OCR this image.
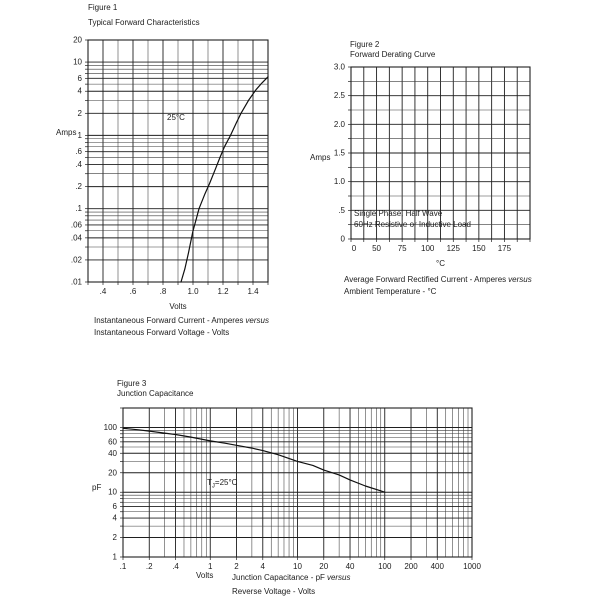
.4	.6	.8	1.0 1.2 1.4
20
10
6
4
2
1
.6
.4
.2
.1
.06
.04
.02
.01
0 50 75 100 125 150 175
3.0
2.5
2.0
1.5
1.0
.5
0
.1 .2 .4	1	2	4	10 20 40	100 200 400 1000
100
60
40
20
10
6
4
2
1
Figure 1
Typical Forward Characteristics
Amps
25°C
Volts
Instantaneous Forward Current - Amperes versus
Instantaneous Forward Voltage - Volts
Figure 2
Forward Derating Curve
Amps
Single Phase, Half Wave
60Hz Resistive or Inductive Load
°C
Average Forward Rectified Current - Amperes versus
Ambient Temperature - °C
Figure 3
Junction Capacitance
pF
$T_J=25^\circ C$
Volts Junction Capacitance - pF versus
Reverse Voltage - Volts
